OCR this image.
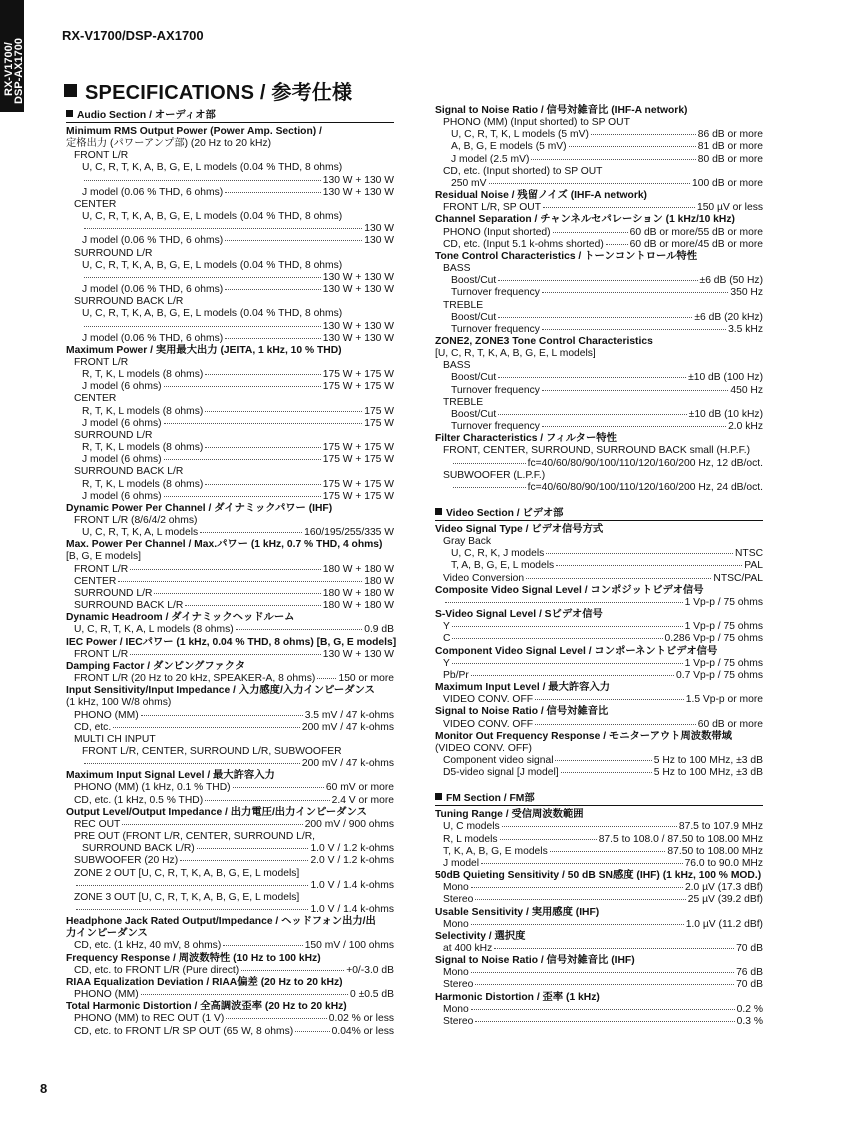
RX-V1700/
DSP-AX1700
RX-V1700/DSP-AX1700
SPECIFICATIONS / 参考仕様
Audio Section / オーディオ部
Minimum RMS Output Power (Power Amp. Section) /
定格出力 (パワーアンプ部) (20 Hz to 20 kHz)
FRONT L/R
U, C, R, T, K, A, B, G, E, L models (0.04 % THD, 8 ohms)
130 W + 130 W
J model (0.06 % THD, 6 ohms)	130 W + 130 W
CENTER
U, C, R, T, K, A, B, G, E, L models (0.04 % THD, 8 ohms)
130 W
J model (0.06 % THD, 6 ohms)	130 W
SURROUND L/R
U, C, R, T, K, A, B, G, E, L models (0.04 % THD, 8 ohms)
130 W + 130 W
J model (0.06 % THD, 6 ohms)	130 W + 130 W
SURROUND BACK L/R
U, C, R, T, K, A, B, G, E, L models (0.04 % THD, 8 ohms)
130 W + 130 W
J model (0.06 % THD, 6 ohms)	130 W + 130 W
Maximum Power / 実用最大出力 (JEITA, 1 kHz, 10 % THD)
FRONT L/R
R, T, K, L models (8 ohms)	175 W + 175 W
J model (6 ohms)	175 W + 175 W
CENTER
R, T, K, L models (8 ohms)	175 W
J model (6 ohms)	175 W
SURROUND L/R
R, T, K, L models (8 ohms)	175 W + 175 W
J model (6 ohms)	175 W + 175 W
SURROUND BACK L/R
R, T, K, L models (8 ohms)	175 W + 175 W
J model (6 ohms)	175 W + 175 W
Dynamic Power Per Channel / ダイナミックパワー (IHF)
FRONT L/R (8/6/4/2 ohms)
U, C, R, T, K, A, L models	160/195/255/335 W
Max. Power Per Channel / Max.パワー (1 kHz, 0.7 % THD, 4 ohms)
[B, G, E models]
FRONT L/R	180 W + 180 W
CENTER	180 W
SURROUND L/R	180 W + 180 W
SURROUND BACK L/R	180 W + 180 W
Dynamic Headroom / ダイナミックヘッドルーム
U, C, R, T, K, A, L models (8 ohms)	0.9 dB
IEC Power / IECパワー (1 kHz, 0.04 % THD, 8 ohms) [B, G, E models]
FRONT L/R	130 W + 130 W
Damping Factor / ダンピングファクタ
FRONT L/R (20 Hz to 20 kHz, SPEAKER-A, 8 ohms) 150 or more
Input Sensitivity/Input Impedance / 入力感度/入力インピーダンス
(1 kHz, 100 W/8 ohms)
PHONO (MM)	3.5 mV / 47 k-ohms
CD, etc.	200 mV / 47 k-ohms
MULTI CH INPUT
FRONT L/R, CENTER, SURROUND L/R, SUBWOOFER
200 mV / 47 k-ohms
Maximum Input Signal Level / 最大許容入力
PHONO (MM) (1 kHz, 0.1 % THD)	60 mV or more
CD, etc. (1 kHz, 0.5 % THD)	2.4 V or more
Output Level/Output Impedance / 出力電圧/出力インピーダンス
REC OUT	200 mV / 900 ohms
PRE OUT (FRONT L/R, CENTER, SURROUND L/R,
SURROUND BACK L/R)	1.0 V / 1.2 k-ohms
SUBWOOFER (20 Hz)	2.0 V / 1.2 k-ohms
ZONE 2 OUT [U, C, R, T, K, A, B, G, E, L models]
1.0 V / 1.4 k-ohms
ZONE 3 OUT [U, C, R, T, K, A, B, G, E, L models]
1.0 V / 1.4 k-ohms
Headphone Jack Rated Output/Impedance / ヘッドフォン出力/出
力インピーダンス
CD, etc. (1 kHz, 40 mV, 8 ohms)	150 mV / 100 ohms
Frequency Response / 周波数特性 (10 Hz to 100 kHz)
CD, etc. to FRONT L/R (Pure direct)	+0/-3.0 dB
RIAA Equalization Deviation / RIAA偏差 (20 Hz to 20 kHz)
PHONO (MM)	0 ±0.5 dB
Total Harmonic Distortion / 全高調波歪率 (20 Hz to 20 kHz)
PHONO (MM) to REC OUT (1 V)	0.02 % or less
CD, etc. to FRONT L/R SP OUT (65 W, 8 ohms)	0.04% or less
Signal to Noise Ratio / 信号対雑音比 (IHF-A network)
PHONO (MM) (Input shorted) to SP OUT
U, C, R, T, K, L models (5 mV)	86 dB or more
A, B, G, E models (5 mV)	81 dB or more
J model (2.5 mV)	80 dB or more
CD, etc. (Input shorted) to SP OUT
250 mV	100 dB or more
Residual Noise / 残留ノイズ (IHF-A network)
FRONT L/R, SP OUT	150 µV or less
Channel Separation / チャンネルセパレーション (1 kHz/10 kHz)
PHONO (Input shorted)	60 dB or more/55 dB or more
CD, etc. (Input 5.1 k-ohms shorted)	60 dB or more/45 dB or more
Tone Control Characteristics / トーンコントロール特性
BASS
Boost/Cut	±6 dB (50 Hz)
Turnover frequency	350 Hz
TREBLE
Boost/Cut	±6 dB (20 kHz)
Turnover frequency	3.5 kHz
ZONE2, ZONE3 Tone Control Characteristics
[U, C, R, T, K, A, B, G, E, L models]
BASS
Boost/Cut	±10 dB (100 Hz)
Turnover frequency	450 Hz
TREBLE
Boost/Cut	±10 dB (10 kHz)
Turnover frequency	2.0 kHz
Filter Characteristics / フィルター特性
FRONT, CENTER, SURROUND, SURROUND BACK small (H.P.F.)
fc=40/60/80/90/100/110/120/160/200 Hz, 12 dB/oct.
SUBWOOFER (L.P.F.)
fc=40/60/80/90/100/110/120/160/200 Hz, 24 dB/oct.
Video Section / ビデオ部
Video Signal Type / ビデオ信号方式
Gray Back
U, C, R, K, J models	NTSC
T, A, B, G, E, L models	PAL
Video Conversion	NTSC/PAL
Composite Video Signal Level / コンポジットビデオ信号
1 Vp-p / 75 ohms
S-Video Signal Level / Sビデオ信号
Y	1 Vp-p / 75 ohms
C	0.286 Vp-p / 75 ohms
Component Video Signal Level / コンポーネントビデオ信号
Y	1 Vp-p / 75 ohms
Pb/Pr	0.7 Vp-p / 75 ohms
Maximum Input Level / 最大許容入力
VIDEO CONV. OFF	1.5 Vp-p or more
Signal to Noise Ratio / 信号対雑音比
VIDEO CONV. OFF	60 dB or more
Monitor Out Frequency Response / モニターアウト周波数帯域
(VIDEO CONV. OFF)
Component video signal	5 Hz to 100 MHz, ±3 dB
D5-video signal [J model]	5 Hz to 100 MHz, ±3 dB
FM Section / FM部
Tuning Range / 受信周波数範囲
U, C models	87.5 to 107.9 MHz
R, L models	87.5 to 108.0 / 87.50 to 108.00 MHz
T, K, A, B, G, E models	87.50 to 108.00 MHz
J model	76.0 to 90.0 MHz
50dB Quieting Sensitivity / 50 dB SN感度 (IHF) (1 kHz, 100 % MOD.)
Mono	2.0 µV (17.3 dBf)
Stereo	25 µV (39.2 dBf)
Usable Sensitivity / 実用感度 (IHF)
Mono	1.0 µV (11.2 dBf)
Selectivity / 選択度
at 400 kHz	70 dB
Signal to Noise Ratio / 信号対雑音比 (IHF)
Mono	76 dB
Stereo	70 dB
Harmonic Distortion / 歪率 (1 kHz)
Mono	0.2 %
Stereo	0.3 %
8
